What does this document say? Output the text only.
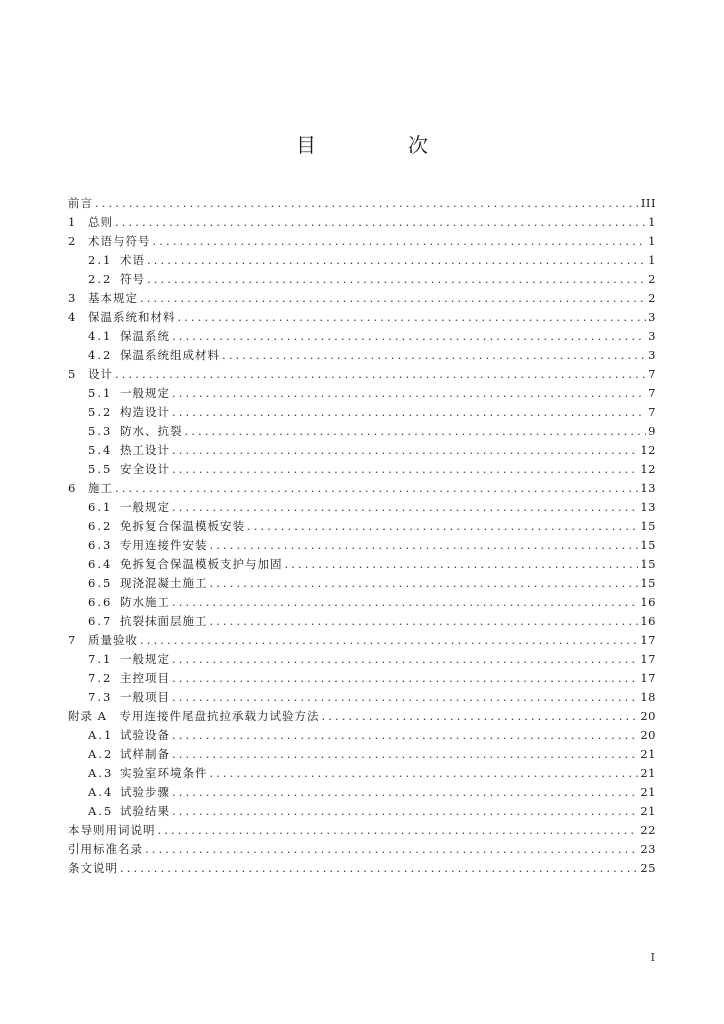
目　次
前言 .....	III
1 总则 .....	1
2 术语与符号 .....	1
2.1 术语 .....	1
2.2 符号 .....	2
3 基本规定 .....	2
4 保温系统和材料 .....	3
4.1 保温系统 .....	3
4.2 保温系统组成材料 .....	3
5 设计 .....	7
5.1 一般规定 .....	7
5.2 构造设计 .....	7
5.3 防水、抗裂 .....	9
5.4 热工设计 .....	12
5.5 安全设计 .....	12
6 施工 .....	13
6.1 一般规定 .....	13
6.2 免拆复合保温模板安装 .....	15
6.3 专用连接件安装 .....	15
6.4 免拆复合保温模板支护与加固 .....	15
6.5 现浇混凝土施工 .....	15
6.6 防水施工 .....	16
6.7 抗裂抹面层施工 .....	16
7 质量验收 .....	17
7.1 一般规定 .....	17
7.2 主控项目 .....	17
7.3 一般项目 .....	18
附录 A　专用连接件尾盘抗拉承载力试验方法 .....	20
A.1 试验设备 .....	20
A.2 试样制备 .....	21
A.3 实验室环境条件 .....	21
A.4 试验步骤 .....	21
A.5 试验结果 .....	21
本导则用词说明 .....	22
引用标准名录 .....	23
条文说明 .....	25
I
